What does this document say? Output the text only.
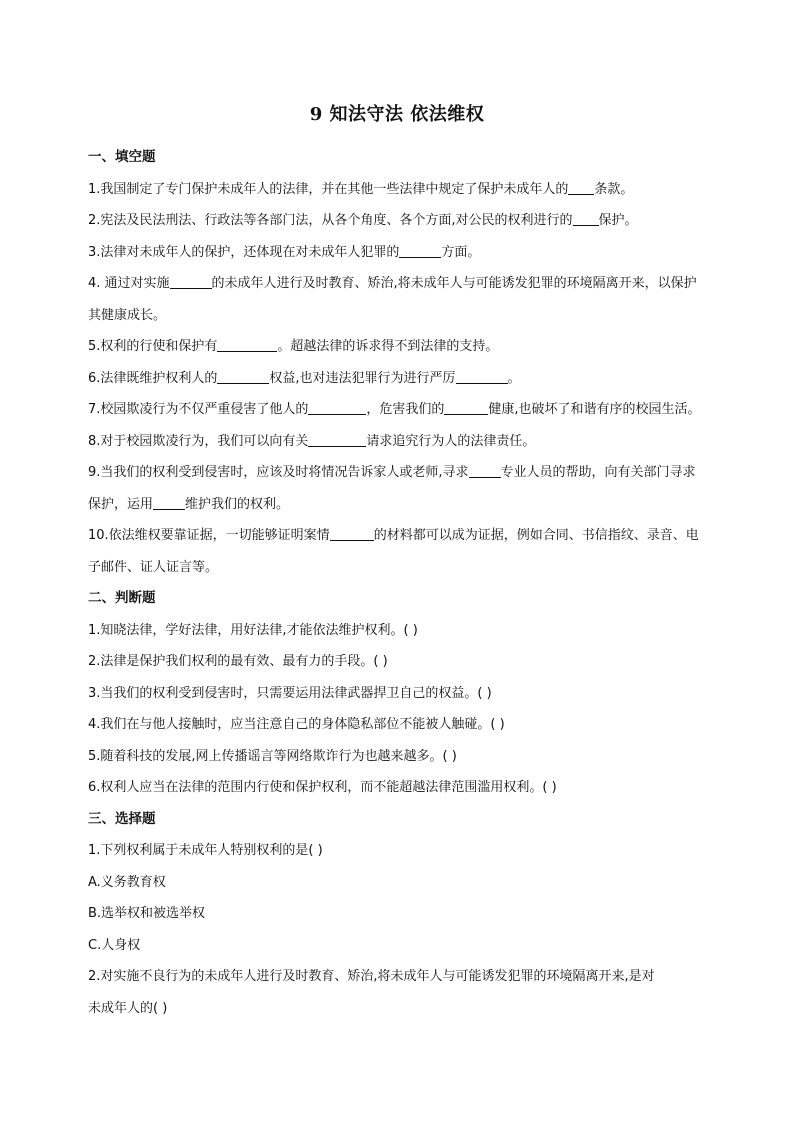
9 知法守法 依法维权
一、填空题
1.我国制定了专门保护未成年人的法律，并在其他一些法律中规定了保护未成年人的 条款。
2.宪法及民法刑法、行政法等各部门法，从各个角度、各个方面,对公民的权利进行的 保护。
3.法律对未成年人的保护，还体现在对未成年人犯罪的	方面。
4. 通过对实施	的未成年人进行及时教育、矫治,将未成年人与可能诱发犯罪的环境隔离开来，以保护其健康成长。
5.权利的行使和保护有	。超越法律的诉求得不到法律的支持。
6.法律既维护权利人的	权益,也对违法犯罪行为进行严厉	。
7.校园欺凌行为不仅严重侵害了他人的	，危害我们的	健康,也破坏了和谐有序的校园生活。
8.对于校园欺凌行为，我们可以向有关	请求追究行为人的法律责任。
9.当我们的权利受到侵害时，应该及时将情况告诉家人或老师,寻求 专业人员的帮助，向有关部门寻求保护，运用 维护我们的权利。
10.依法维权要靠证据，一切能够证明案情	的材料都可以成为证据，例如合同、书信指纹、录音、电子邮件、证人证言等。
二、判断题
1.知晓法律，学好法律，用好法律,才能依法维护权利。( )
2.法律是保护我们权利的最有效、最有力的手段。( )
3.当我们的权利受到侵害时，只需要运用法律武器捍卫自己的权益。( )
4.我们在与他人接触时，应当注意自己的身体隐私部位不能被人触碰。( )
5.随着科技的发展,网上传播谣言等网络欺诈行为也越来越多。( )
6.权利人应当在法律的范围内行使和保护权利，而不能超越法律范围滥用权利。( )
三、选择题
1.下列权利属于未成年人特别权利的是( )
A.义务教育权
B.选举权和被选举权
C.人身权
2.对实施不良行为的未成年人进行及时教育、矫治,将未成年人与可能诱发犯罪的环境隔离开来,是对
未成年人的( )
